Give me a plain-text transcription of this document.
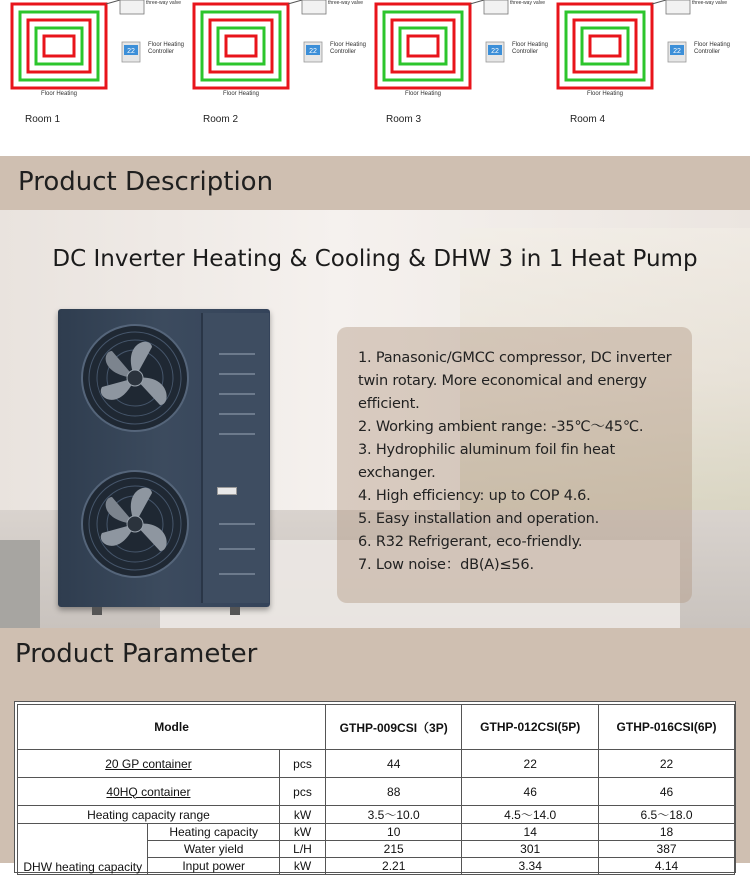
22
three-way valve
Floor Heating Controller
Floor Heating
Room 1
22
three-way valve
Floor Heating Controller
Floor Heating
Room 2
22
three-way valve
Floor Heating Controller
Floor Heating
Room 3
22
three-way valve
Floor Heating Controller
Floor Heating
Room 4
Product Description
DC Inverter Heating & Cooling & DHW 3 in 1 Heat Pump
1. Panasonic/GMCC compressor, DC inverter twin rotary. More economical and energy efficient.
2. Working ambient range: -35℃～45℃.
3. Hydrophilic aluminum foil fin heat exchanger.
4. High efficiency: up to COP 4.6.
5. Easy installation and operation.
6. R32 Refrigerant, eco-friendly.
7. Low noise：dB(A)≤56.
Product Parameter
Modle			GTHP-009CSI（3P)	GTHP-012CSI(5P)	GTHP-016CSI(6P)
20 GP container		pcs	44	22	22
40HQ container		pcs	88	46	46
Heating capacity range		kW	3.5～10.0	4.5～14.0	6.5～18.0
DHW heating capacity	Heating capacity	kW	10	14	18
	Water yield	L/H	215	301	387
	Input power	kW	2.21	3.34	4.14
